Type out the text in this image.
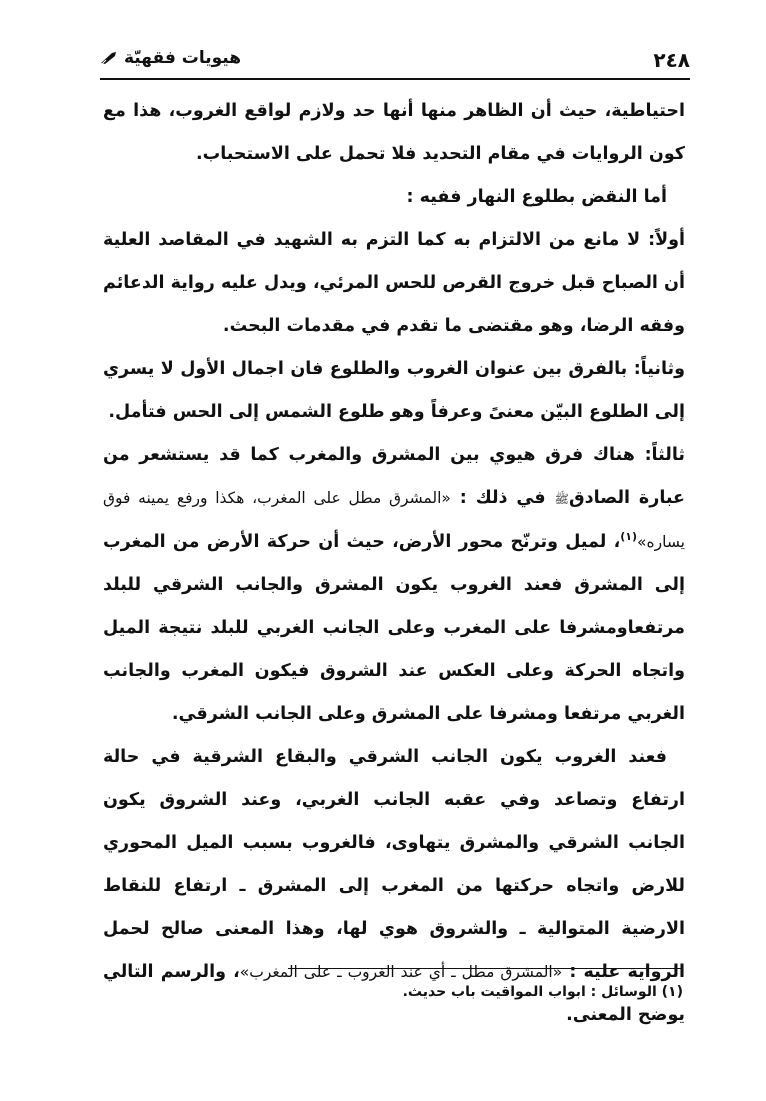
٢٤٨
هيويات فقهيّة

احتياطية، حيث أن الظاهر منها أنها حد ولازم لواقع الغروب، هذا مع كون الروايات في مقام التحديد فلا تحمل على الاستحباب.

أما النقض بطلوع النهار ففيه :

أولاً: لا مانع من الالتزام به كما التزم به الشهيد في المقاصد العلية أن الصباح قبل خروج القرص للحس المرئي، ويدل عليه رواية الدعائم وفقه الرضا، وهو مقتضى ما تقدم في مقدمات البحث.

وثانياً: بالفرق بين عنوان الغروب والطلوع فان اجمال الأول لا يسري إلى الطلوع البيّن معنىً وعرفاً وهو طلوع الشمس إلى الحس فتأمل.

ثالثاً: هناك فرق هيوي بين المشرق والمغرب كما قد يستشعر من عبارة الصادقﷺ في ذلك : «المشرق مطل على المغرب، هكذا ورفع يمينه فوق يساره»$^{(١)}$، لميل وترنّح محور الأرض، حيث أن حركة الأرض من المغرب إلى المشرق فعند الغروب يكون المشرق والجانب الشرقي للبلد مرتفعاومشرفا على المغرب وعلى الجانب الغربي للبلد نتيجة الميل واتجاه الحركة وعلى العكس عند الشروق فيكون المغرب والجانب الغربي مرتفعا ومشرفا على المشرق وعلى الجانب الشرقي.

فعند الغروب يكون الجانب الشرقي والبقاع الشرقية في حالة ارتفاع وتصاعد وفي عقبه الجانب الغربي، وعند الشروق يكون الجانب الشرقي والمشرق يتهاوى، فالغروب بسبب الميل المحوري للارض واتجاه حركتها من المغرب إلى المشرق ـ ارتفاع للنقاط الارضية المتوالية ـ والشروق هوي لها، وهذا المعنى صالح لحمل الرواية عليه : «المشرق مطل ـ أي عند الغروب ـ على المغرب»، والرسم التالي يوضح المعنى.

(١) الوسائل : ابواب المواقيت باب حديث.
